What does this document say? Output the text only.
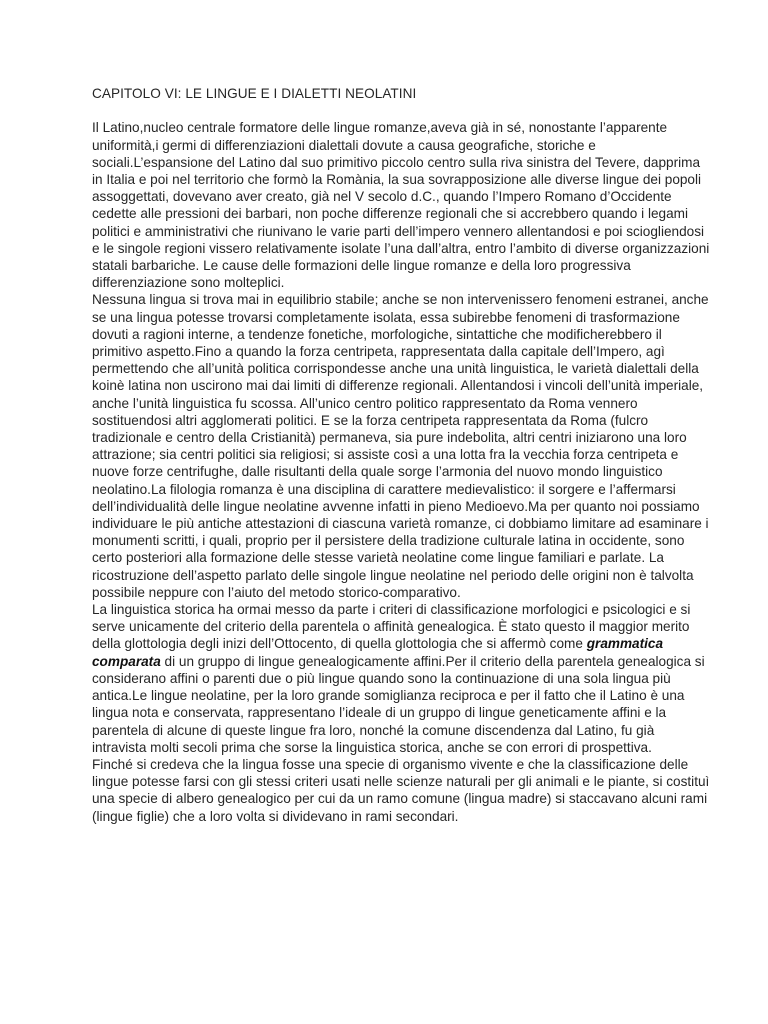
CAPITOLO VI: LE LINGUE E I DIALETTI NEOLATINI

Il Latino,nucleo centrale formatore delle lingue romanze,aveva già in sé, nonostante l’apparente uniformità,i germi di differenziazioni dialettali dovute a causa geografiche, storiche e sociali.L’espansione del Latino dal suo primitivo piccolo centro sulla riva sinistra del Tevere, dapprima in Italia e poi nel territorio che formò la Romània, la sua sovrapposizione alle diverse lingue dei popoli assoggettati, dovevano aver creato, già nel V secolo d.C., quando l’Impero Romano d’Occidente cedette alle pressioni dei barbari, non poche differenze regionali che si accrebbero quando i legami politici e amministrativi che riunivano le varie parti dell’impero vennero allentandosi e poi sciogliendosi e le singole regioni vissero relativamente isolate l’una dall’altra, entro l’ambito di diverse organizzazioni statali barbariche. Le cause delle formazioni delle lingue romanze e della loro progressiva differenziazione sono molteplici.

Nessuna lingua si trova mai in equilibrio stabile; anche se non intervenissero fenomeni estranei, anche se una lingua potesse trovarsi completamente isolata, essa subirebbe fenomeni di trasformazione dovuti a ragioni interne, a tendenze fonetiche, morfologiche, sintattiche che modificherebbero il primitivo aspetto.Fino a quando la forza centripeta, rappresentata dalla capitale dell’Impero, agì permettendo che all’unità politica corrispondesse anche una unità linguistica, le varietà dialettali della koinè latina non uscirono mai dai limiti di differenze regionali. Allentandosi i vincoli dell’unità imperiale, anche l’unità linguistica fu scossa. All’unico centro politico rappresentato da Roma vennero sostituendosi altri agglomerati politici. E se la forza centripeta rappresentata da Roma (fulcro tradizionale e centro della Cristianità) permaneva, sia pure indebolita, altri centri iniziarono una loro attrazione; sia centri politici sia religiosi; si assiste così a una lotta fra la vecchia forza centripeta e nuove forze centrifughe, dalle risultanti della quale sorge l’armonia del nuovo mondo linguistico neolatino.La filologia romanza è una disciplina di carattere medievalistico: il sorgere e l’affermarsi dell’individualità delle lingue neolatine avvenne infatti in pieno Medioevo.Ma per quanto noi possiamo individuare le più antiche attestazioni di ciascuna varietà romanze, ci dobbiamo limitare ad esaminare i monumenti scritti, i quali, proprio per il persistere della tradizione culturale latina in occidente, sono certo posteriori alla formazione delle stesse varietà neolatine come lingue familiari e parlate. La ricostruzione dell’aspetto parlato delle singole lingue neolatine nel periodo delle origini non è talvolta possibile neppure con l’aiuto del metodo storico-comparativo.

La linguistica storica ha ormai messo da parte i criteri di classificazione morfologici e psicologici e si serve unicamente del criterio della parentela o affinità genealogica. È stato questo il maggior merito della glottologia degli inizi dell’Ottocento, di quella glottologia che si affermò come grammatica comparata di un gruppo di lingue genealogicamente affini.Per il criterio della parentela genealogica si considerano affini o parenti due o più lingue quando sono la continuazione di una sola lingua più antica.Le lingue neolatine, per la loro grande somiglianza reciproca e per il fatto che il Latino è una lingua nota e conservata, rappresentano l’ideale di un gruppo di lingue geneticamente affini e la parentela di alcune di queste lingue fra loro, nonché la comune discendenza dal Latino, fu già intravista molti secoli prima che sorse la linguistica storica, anche se con errori di prospettiva.

Finché si credeva che la lingua fosse una specie di organismo vivente e che la classificazione delle lingue potesse farsi con gli stessi criteri usati nelle scienze naturali per gli animali e le piante, si costituì una specie di albero genealogico per cui da un ramo comune (lingua madre) si staccavano alcuni rami (lingue figlie) che a loro volta si dividevano in rami secondari.
